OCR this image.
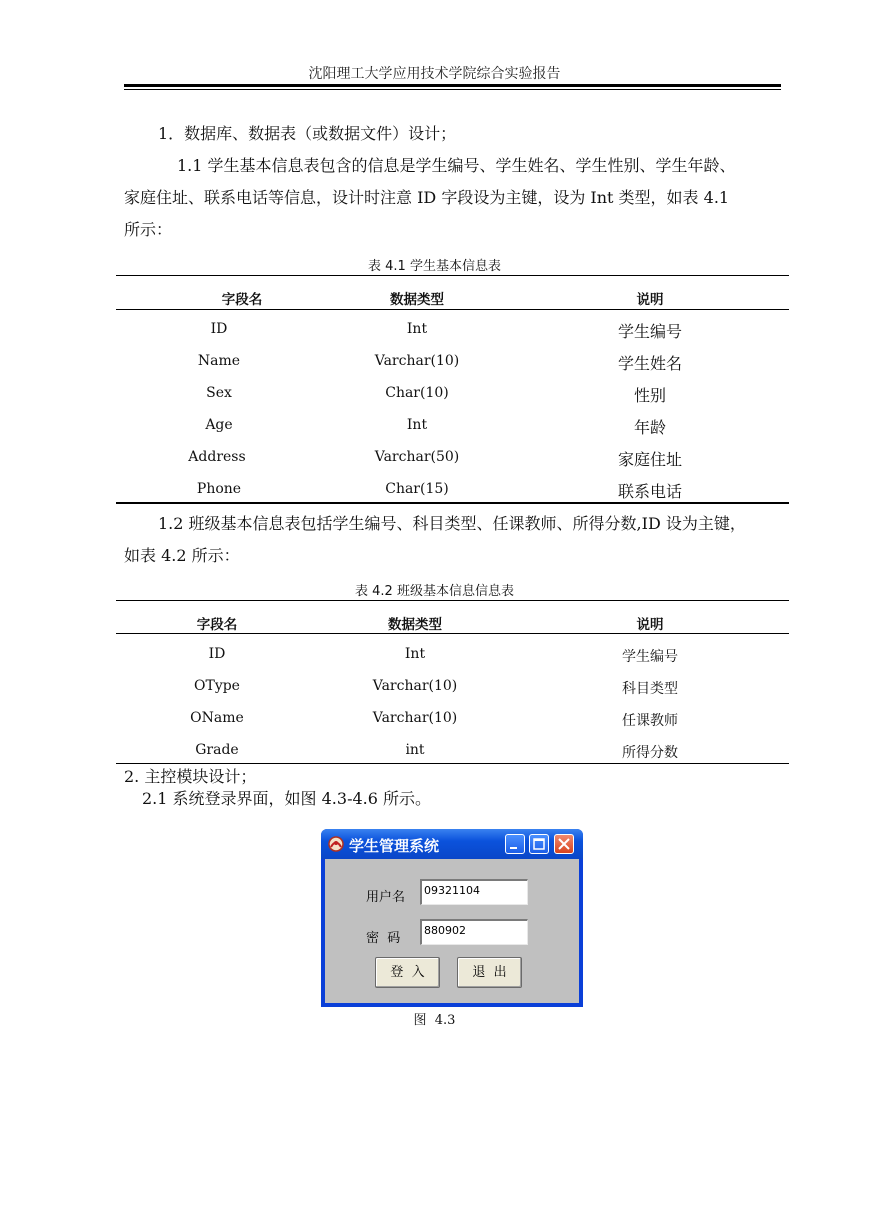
沈阳理工大学应用技术学院综合实验报告
1．数据库、数据表（或数据文件）设计；
1.1 学生基本信息表包含的信息是学生编号、学生姓名、学生性别、学生年龄、
家庭住址、联系电话等信息，设计时注意 ID 字段设为主键，设为 Int 类型，如表 4.1
所示：
表 4.1 学生基本信息表
字段名	数据类型	说明
ID	Int	学生编号
Name	Varchar(10)	学生姓名
Sex	Char(10)	性别
Age	Int	年龄
Address	Varchar(50)	家庭住址
Phone	Char(15)	联系电话
1.2 班级基本信息表包括学生编号、科目类型、任课教师、所得分数,ID 设为主键，
如表 4.2 所示：
表 4.2 班级基本信息信息表
字段名	数据类型	说明
ID	Int	学生编号
OType	Varchar(10)	科目类型
OName	Varchar(10)	任课教师
Grade	int	所得分数
2. 主控模块设计；
2.1 系统登录界面，如图 4.3-4.6 所示。
学生管理系统
用户名	09321104
密  码
880902
登  入	退  出
图  4.3
